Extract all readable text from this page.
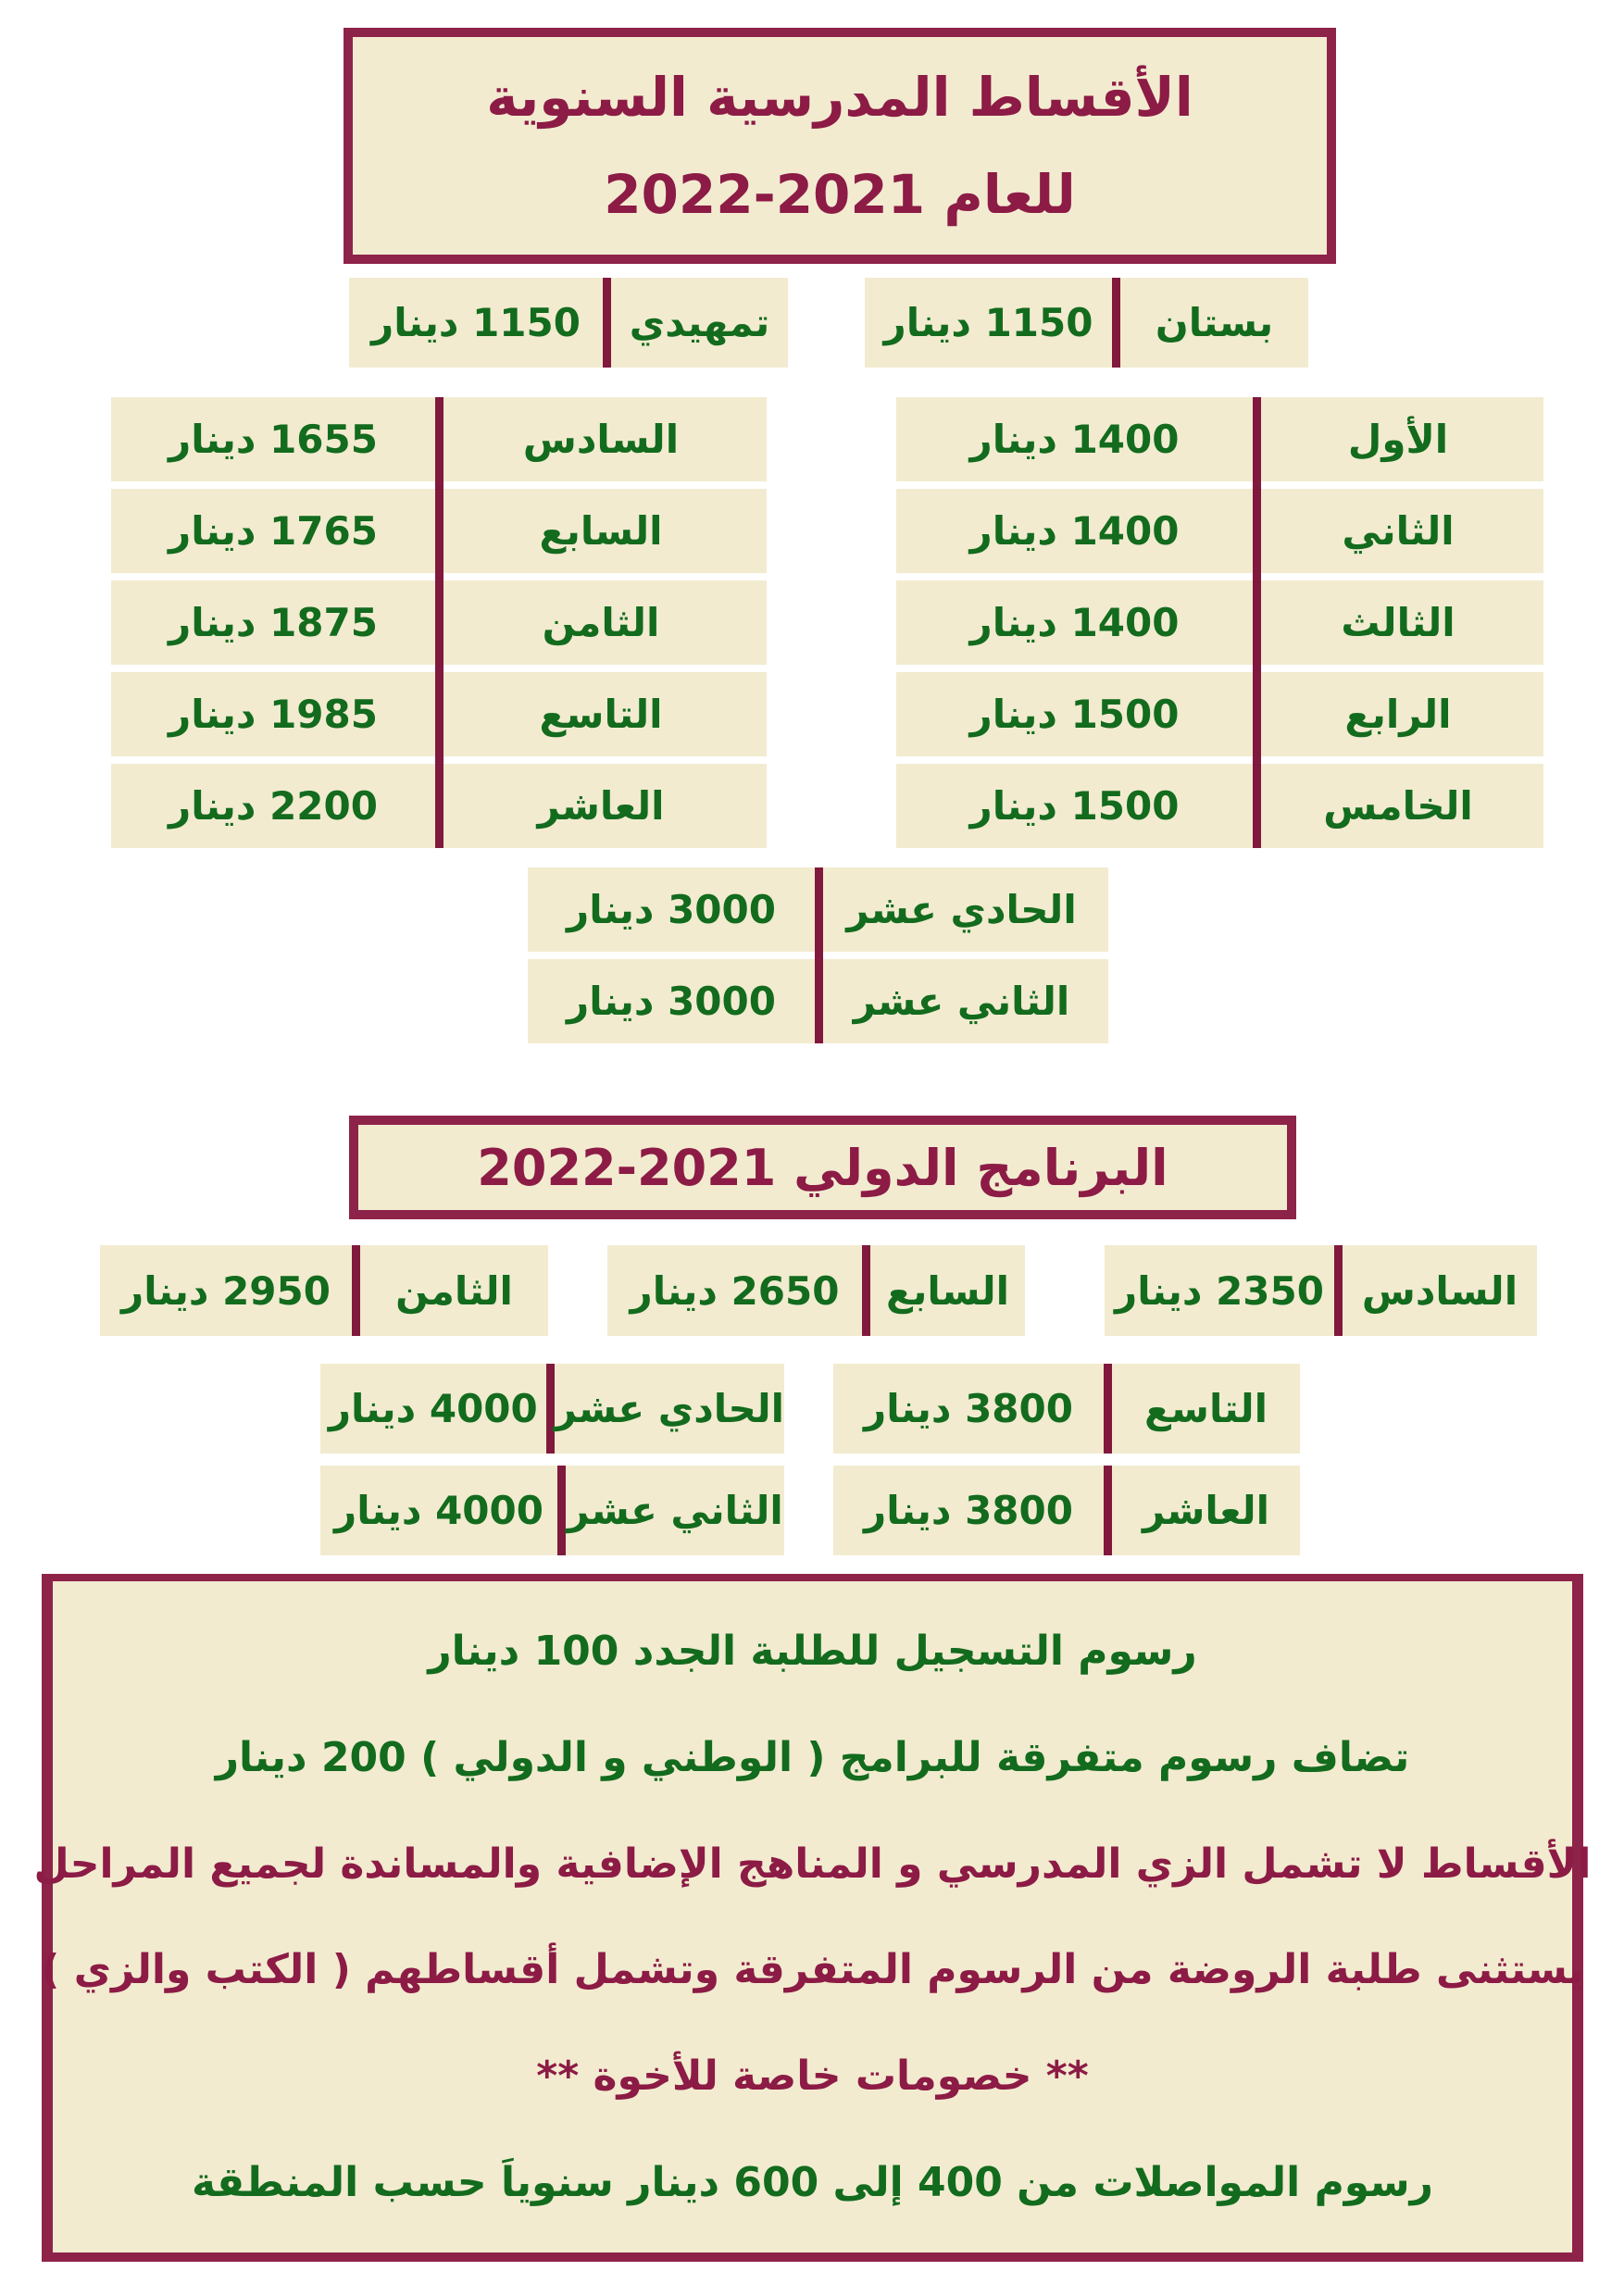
الأقساط المدرسية السنوية
للعام 2021-2022
1150 دينار	بستان
1150 دينار	تمهيدي
1400 دينار	الأول
1400 دينار	الثاني
1400 دينار	الثالث
1500 دينار	الرابع
1500 دينار	الخامس
1655 دينار	السادس
1765 دينار	السابع
1875 دينار	الثامن
1985 دينار	التاسع
2200 دينار	العاشر
3000 دينار	الحادي عشر
3000 دينار	الثاني عشر
البرنامج الدولي 2021-2022
2350 دينار السادس
2650 دينار	السابع
2950 دينار	الثامن
3800 دينار	التاسع
4000 دينار الحادي عشر
3800 دينار	العاشر
4000 دينار الثاني عشر
رسوم التسجيل للطلبة الجدد 100 دينار
تضاف رسوم متفرقة للبرامج ( الوطني و الدولي ) 200 دينار
الأقساط لا تشمل الزي المدرسي و المناهج الإضافية والمساندة لجميع المراحل
يستثنى طلبة الروضة من الرسوم المتفرقة وتشمل أقساطهم ( الكتب والزي )
** خصومات خاصة للأخوة **
رسوم المواصلات من 400 إلى 600 دينار سنوياَ حسب المنطقة
